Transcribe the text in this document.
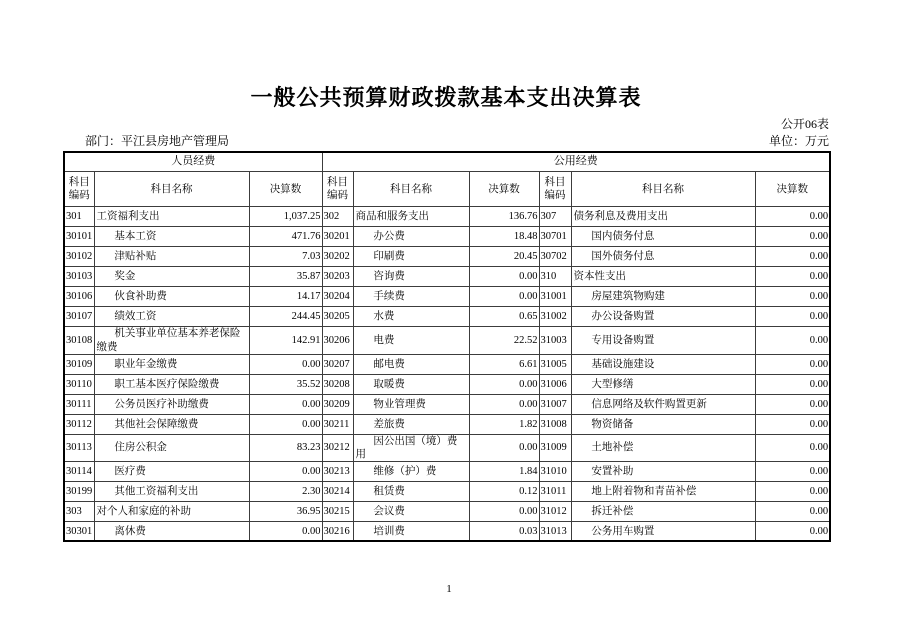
一般公共预算财政拨款基本支出决算表
公开06表
部门：平江县房地产管理局	单位：万元
人员经费			公用经费					
科目编码	科目名称	决算数	科目编码	科目名称	决算数	科目编码	科目名称	决算数
301	工资福利支出	1,037.25	302	商品和服务支出	136.76	307	债务利息及费用支出	0.00
30101	基本工资	471.76	30201	办公费	18.48	30701	国内债务付息	0.00
30102	津贴补贴	7.03	30202	印刷费	20.45	30702	国外债务付息	0.00
30103	奖金	35.87	30203	咨询费	0.00	310	资本性支出	0.00
30106	伙食补助费	14.17	30204	手续费	0.00	31001	房屋建筑物购建	0.00
30107	绩效工资	244.45	30205	水费	0.65	31002	办公设备购置	0.00
30108	机关事业单位基本养老保险缴费	142.91	30206	电费	22.52	31003	专用设备购置	0.00
30109	职业年金缴费	0.00	30207	邮电费	6.61	31005	基础设施建设	0.00
30110	职工基本医疗保险缴费	35.52	30208	取暖费	0.00	31006	大型修缮	0.00
30111	公务员医疗补助缴费	0.00	30209	物业管理费	0.00	31007	信息网络及软件购置更新	0.00
30112	其他社会保障缴费	0.00	30211	差旅费	1.82	31008	物资储备	0.00
30113	住房公积金	83.23	30212	因公出国（境）费用	0.00	31009	土地补偿	0.00
30114	医疗费	0.00	30213	维修（护）费	1.84	31010	安置补助	0.00
30199	其他工资福利支出	2.30	30214	租赁费	0.12	31011	地上附着物和青苗补偿	0.00
303	对个人和家庭的补助	36.95	30215	会议费	0.00	31012	拆迁补偿	0.00
30301	离休费	0.00	30216	培训费	0.03	31013	公务用车购置	0.00
1
